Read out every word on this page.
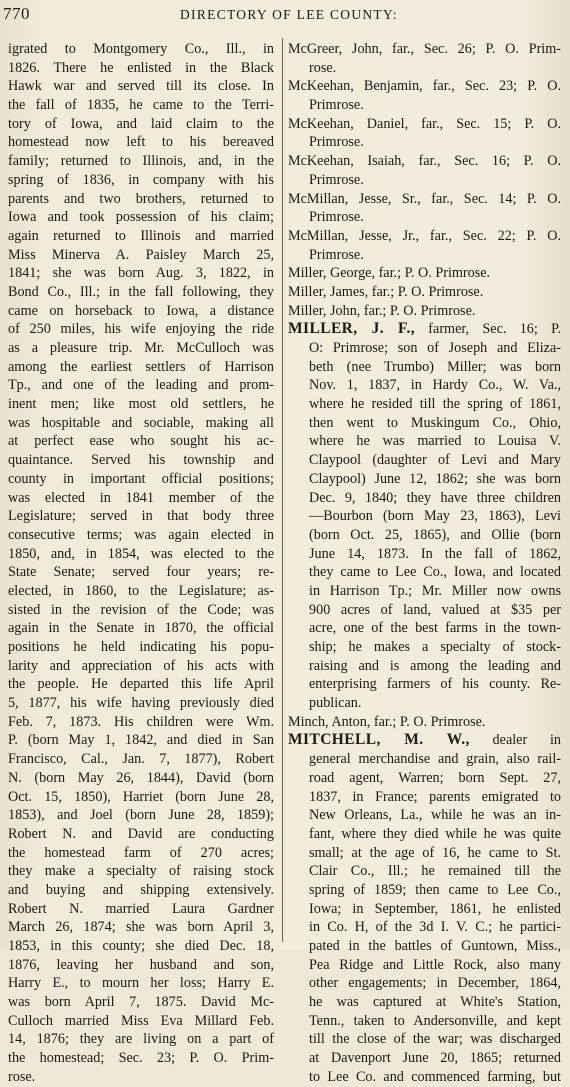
770	DIRECTORY OF LEE COUNTY:
igrated to Montgomery Co., Ill., in
1826. There he enlisted in the Black
Hawk war and served till its close. In
the fall of 1835, he came to the Terri-
tory of Iowa, and laid claim to the
homestead now left to his bereaved
family; returned to Illinois, and, in the
spring of 1836, in company with his
parents and two brothers, returned to
Iowa and took possession of his claim;
again returned to Illinois and married
Miss Minerva A. Paisley March 25,
1841; she was born Aug. 3, 1822, in
Bond Co., Ill.; in the fall following, they
came on horseback to Iowa, a distance
of 250 miles, his wife enjoying the ride
as a pleasure trip. Mr. McCulloch was
among the earliest settlers of Harrison
Tp., and one of the leading and prom-
inent men; like most old settlers, he
was hospitable and sociable, making all
at perfect ease who sought his ac-
quaintance. Served his township and
county in important official positions;
was elected in 1841 member of the
Legislature; served in that body three
consecutive terms; was again elected in
1850, and, in 1854, was elected to the
State Senate; served four years; re-
elected, in 1860, to the Legislature; as-
sisted in the revision of the Code; was
again in the Senate in 1870, the official
positions he held indicating his popu-
larity and appreciation of his acts with
the people. He departed this life April
5, 1877, his wife having previously died
Feb. 7, 1873. His children were Wm.
P. (born May 1, 1842, and died in San
Francisco, Cal., Jan. 7, 1877), Robert
N. (born May 26, 1844), David (born
Oct. 15, 1850), Harriet (born June 28,
1853), and Joel (born June 28, 1859);
Robert N. and David are conducting
the homestead farm of 270 acres;
they make a specialty of raising stock
and buying and shipping extensively.
Robert N. married Laura Gardner
March 26, 1874; she was born April 3,
1853, in this county; she died Dec. 18,
1876, leaving her husband and son,
Harry E., to mourn her loss; Harry E.
was born April 7, 1875. David Mc-
Culloch married Miss Eva Millard Feb.
14, 1876; they are living on a part of
the homestead; Sec. 23; P. O. Prim-
rose.
McGreer, John, far., Sec. 26; P. O. Prim-
rose.
McKeehan, Benjamin, far., Sec. 23; P. O.
Primrose.
McKeehan, Daniel, far., Sec. 15; P. O.
Primrose.
McKeehan, Isaiah, far., Sec. 16; P. O.
Primrose.
McMillan, Jesse, Sr., far., Sec. 14; P. O.
Primrose.
McMillan, Jesse, Jr., far., Sec. 22; P. O.
Primrose.
Miller, George, far.; P. O. Primrose.
Miller, James, far.; P. O. Primrose.
Miller, John, far.; P. O. Primrose.
MILLER, J. F., farmer, Sec. 16; P.
O: Primrose; son of Joseph and Eliza-
beth (nee Trumbo) Miller; was born
Nov. 1, 1837, in Hardy Co., W. Va.,
where he resided till the spring of 1861,
then went to Muskingum Co., Ohio,
where he was married to Louisa V.
Claypool (daughter of Levi and Mary
Claypool) June 12, 1862; she was born
Dec. 9, 1840; they have three children
—Bourbon (born May 23, 1863), Levi
(born Oct. 25, 1865), and Ollie (born
June 14, 1873. In the fall of 1862,
they came to Lee Co., Iowa, and located
in Harrison Tp.; Mr. Miller now owns
900 acres of land, valued at $35 per
acre, one of the best farms in the town-
ship; he makes a specialty of stock-
raising and is among the leading and
enterprising farmers of his county. Re-
publican.
Minch, Anton, far.; P. O. Primrose.
MITCHELL, M. W., dealer in
general merchandise and grain, also rail-
road agent, Warren; born Sept. 27,
1837, in France; parents emigrated to
New Orleans, La., while he was an in-
fant, where they died while he was quite
small; at the age of 16, he came to St.
Clair Co., Ill.; he remained till the
spring of 1859; then came to Lee Co.,
Iowa; in September, 1861, he enlisted
in Co. H, of the 3d I. V. C.; he partici-
pated in the battles of Guntown, Miss.,
Pea Ridge and Little Rock, also many
other engagements; in December, 1864,
he was captured at White's Station,
Tenn., taken to Andersonville, and kept
till the close of the war; was discharged
at Davenport June 20, 1865; returned
to Lee Co. and commenced farming, but
